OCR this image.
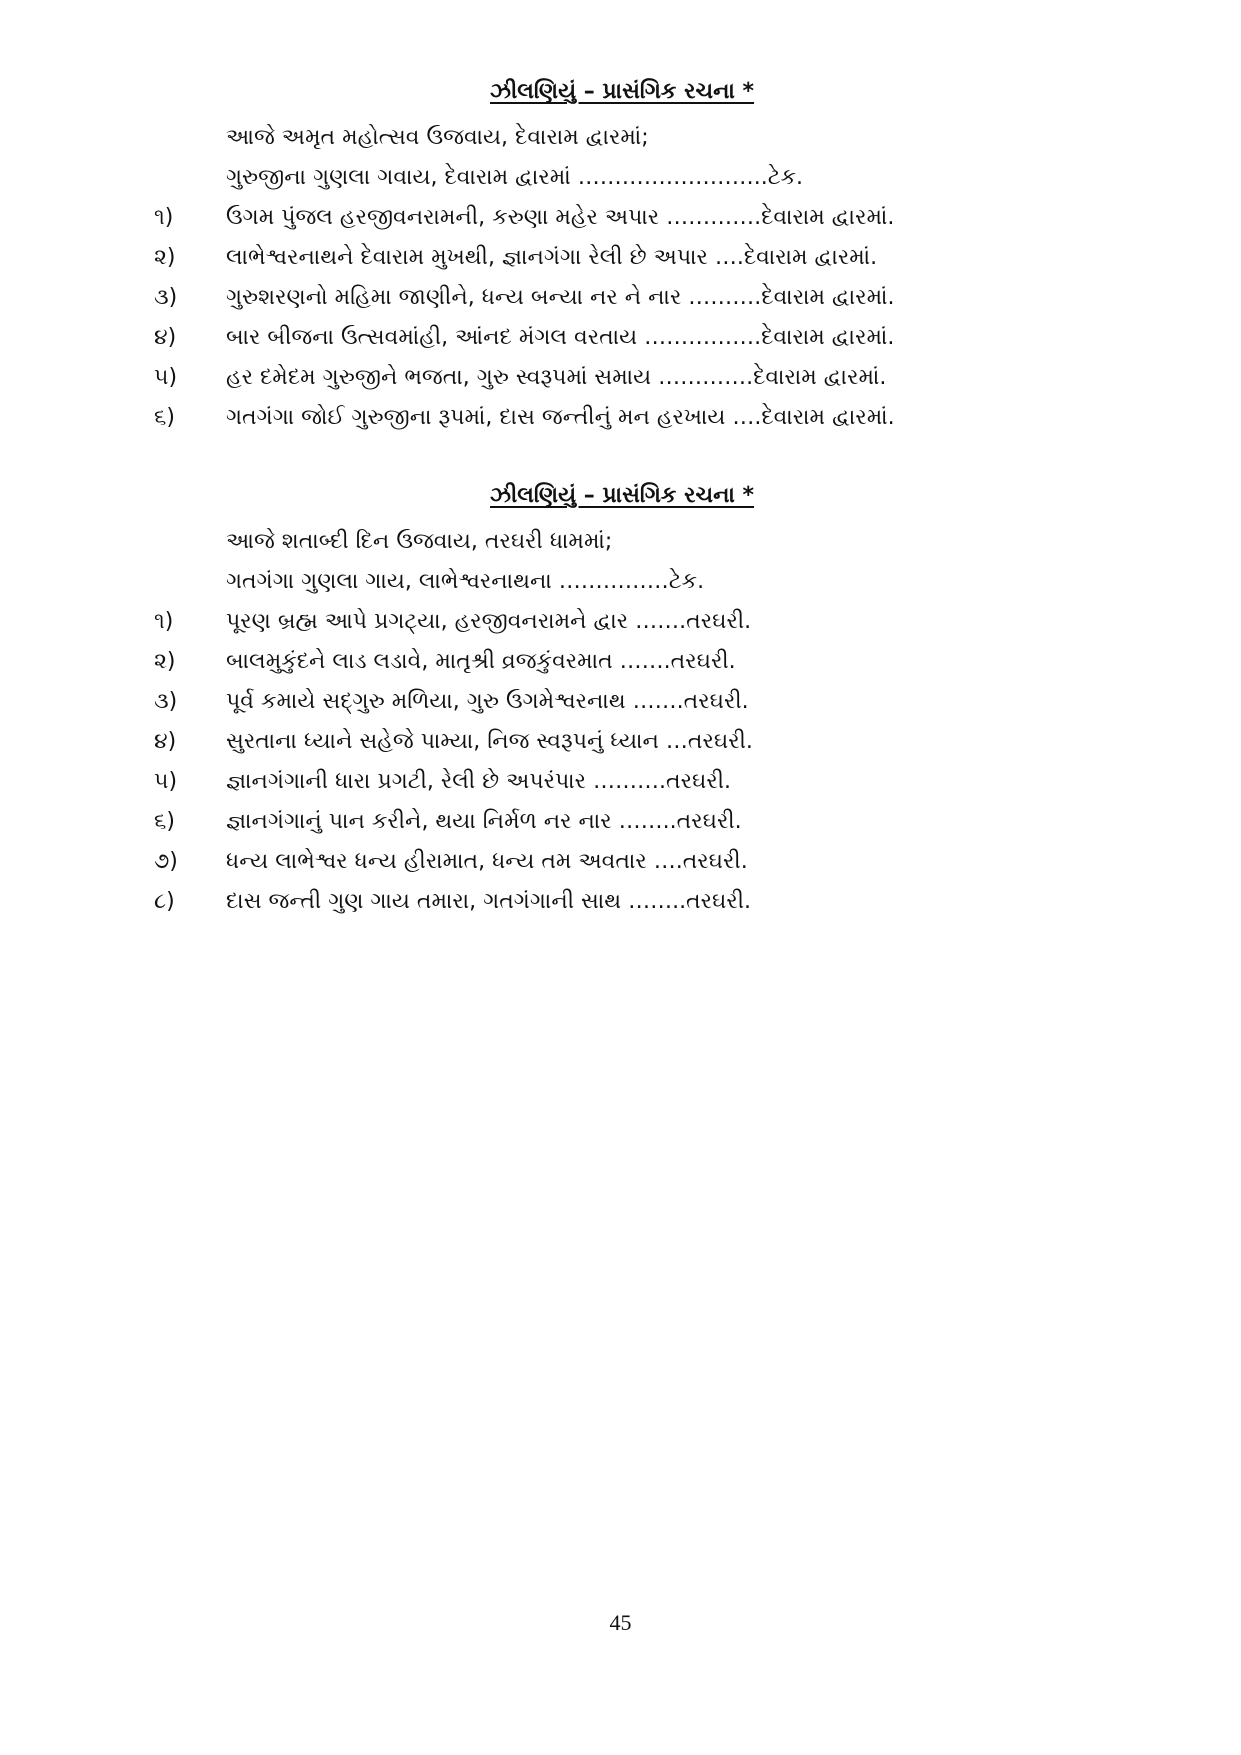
ઝીલણિયું – પ્રાસંગિક રચના *
આજે અમૃત મહોત્સવ ઉજવાય, દેવારામ દ્વારમાં;
ગુરુજીના ગુણલા ગવાય, દેવારામ દ્વારમાં ……………………..ટેક.
૧)	ઉગમ પુંજલ હરજીવનરામની, કરુણા મહેર અપાર ………….દેવારામ દ્વારમાં.
૨)	લાભેશ્વરનાથને દેવારામ મુખથી, જ્ઞાનગંગા રેલી છે અપાર ….દેવારામ દ્વારમાં.
૩)	ગુરુશરણનો મહિમા જાણીને, ધન્ય બન્યા નર ને નાર ……….દેવારામ દ્વારમાં.
૪)	બાર બીજના ઉત્સવમાંહી, આંનદ મંગલ વરતાય …………….દેવારામ દ્વારમાં.
૫)	હર દમેદમ ગુરુજીને ભજતા, ગુરુ સ્વરૂપમાં સમાય ………….દેવારામ દ્વારમાં.
૬)	ગતગંગા જોઈ ગુરુજીના રૂપમાં, દાસ જન્તીનું મન હરખાય ….દેવારામ દ્વારમાં.
ઝીલણિયું – પ્રાસંગિક રચના *
આજે શતાબ્દી દિન ઉજવાય, તરઘરી ધામમાં;
ગતગંગા ગુણલા ગાય, લાભેશ્વરનાથના ……………ટેક.
૧)	પૂરણ બ્રહ્મ આપે પ્રગટ્યા, હરજીવનરામને દ્વાર …….તરઘરી.
૨)	બાલમુકુંદને લાડ લડાવે, માતૃશ્રી વ્રજકુંવરમાત …….તરઘરી.
૩)	પૂર્વ કમાયે સદ્‌ગુરુ મળિયા, ગુરુ ઉગમેશ્વરનાથ …….તરઘરી.
૪)	સુરતાના ધ્યાને સહેજે પામ્યા, નિજ સ્વરૂપનું ધ્યાન …તરઘરી.
૫)	જ્ઞાનગંગાની ધારા પ્રગટી, રેલી છે અપરંપાર ……….તરઘરી.
૬)	જ્ઞાનગંગાનું પાન કરીને, થયા નિર્મળ નર નાર ……..તરઘરી.
૭)	ધન્ય લાભેશ્વર ધન્ય હીરામાત, ધન્ય તમ અવતાર ….તરઘરી.
૮)	દાસ જન્તી ગુણ ગાય તમારા, ગતગંગાની સાથ ……..તરઘરી.
45
